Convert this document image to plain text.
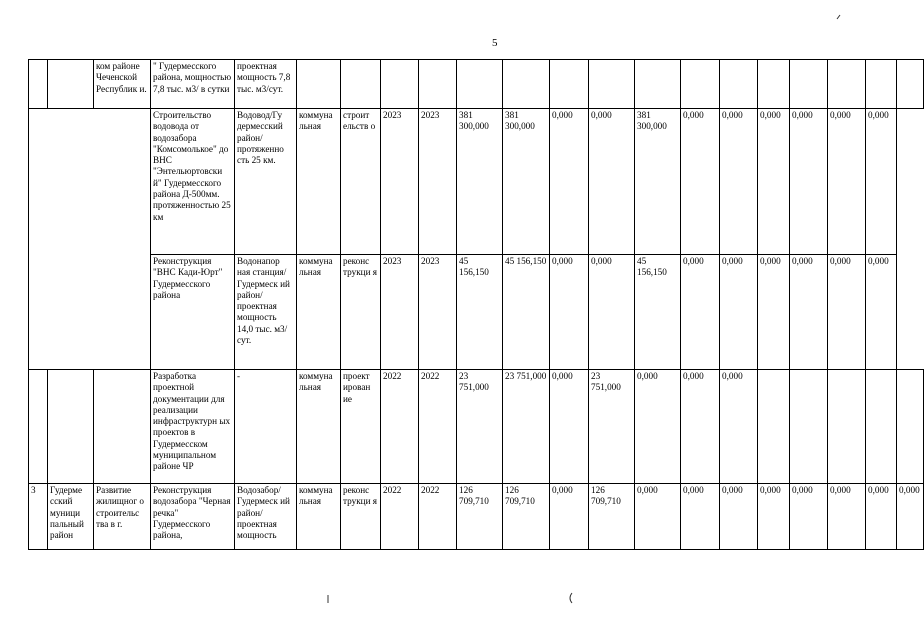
5
		ком районе Чеченской Республик и.	" Гудермесского района, мощностью 7,8 тыс. м3/ в сутки	проектная мощность 7,8 тыс. м3/сут.																
			Строительство водовода от водозабора "Комсомолькое" до ВНС "Энтельюртовски й" Гудермесского района Д-500мм. протяженностью 25 км	Водовод/Гу дермесский район/ протяженно сть 25 км.	коммуна льная	строит ельств о	2023	2023	381 300,000	381 300,000	0,000	0,000	381 300,000	0,000	0,000	0,000	0,000	0,000	0,000	
			Реконструкция "ВНС Кади-Юрт" Гудермесского района	Водонапор ная станция/ Гудермеск ий район/ проектная мощность 14,0 тыс. м3/сут.	коммуна льная	реконс трукци я	2023	2023	45 156,150	45 156,150	0,000	0,000	45 156,150	0,000	0,000	0,000	0,000	0,000	0,000	
			Разработка проектной документации для реализации инфраструктурн ых проектов в Гудермесском муниципальном районе ЧР	-	коммуна льная	проект ирован ие	2022	2022	23 751,000	23 751,000	0,000	23 751,000	0,000	0,000	0,000					
3	Гудерме сский муници пальный район	Развитие жилищног о строительс тва в г.	Реконструкция водозабора "Черная речка" Гудермесского района,	Водозабор/ Гудермеск ий район/ проектная мощность	коммуна льная	реконс трукци я	2022	2022	126 709,710	126 709,710	0,000	126 709,710	0,000	0,000	0,000	0,000	0,000	0,000	0,000	0,000
